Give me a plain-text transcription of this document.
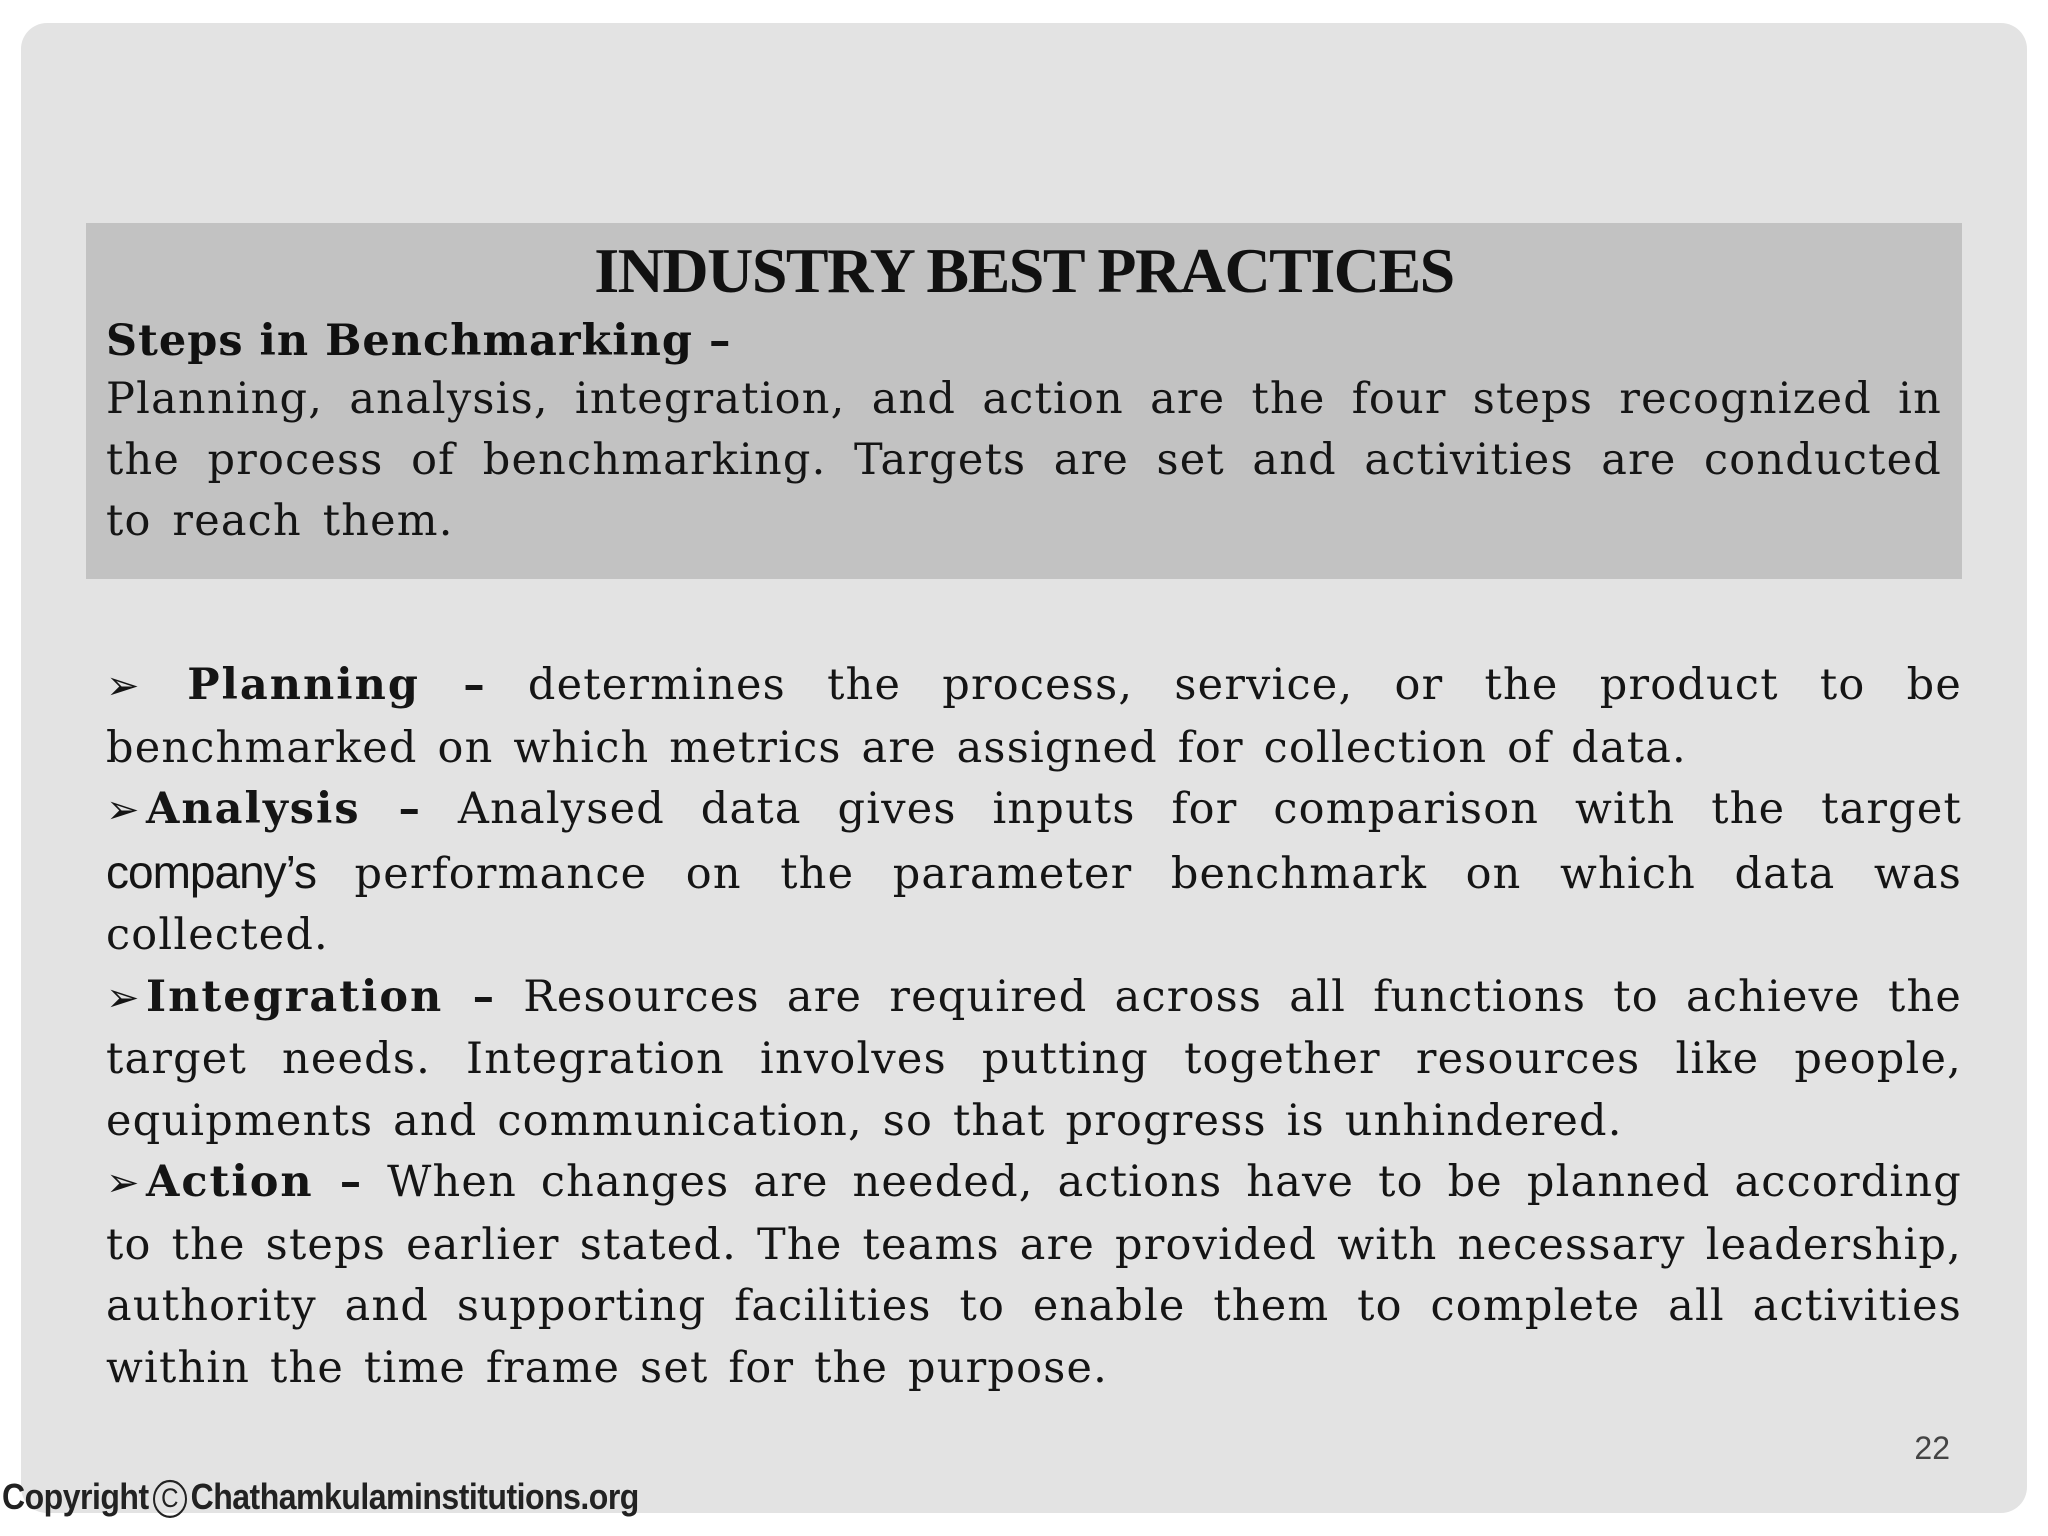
INDUSTRY BEST PRACTICES
Steps in Benchmarking –
Planning, analysis, integration, and action are the four steps recognized in the process of benchmarking. Targets are set and activities are conducted to reach them.

➢ Planning – determines the process, service, or the product to be benchmarked on which metrics are assigned for collection of data.

➢ Analysis – Analysed data gives inputs for comparison with the target company’s performance on the parameter benchmark on which data was collected.

➢ Integration – Resources are required across all functions to achieve the target needs. Integration involves putting together resources like people, equipments and communication, so that progress is unhindered.

➢ Action – When changes are needed, actions have to be planned according to the steps earlier stated. The teams are provided with necessary leadership, authority and supporting facilities to enable them to complete all activities within the time frame set for the purpose.

22
Copyright C Chathamkulaminstitutions.org
